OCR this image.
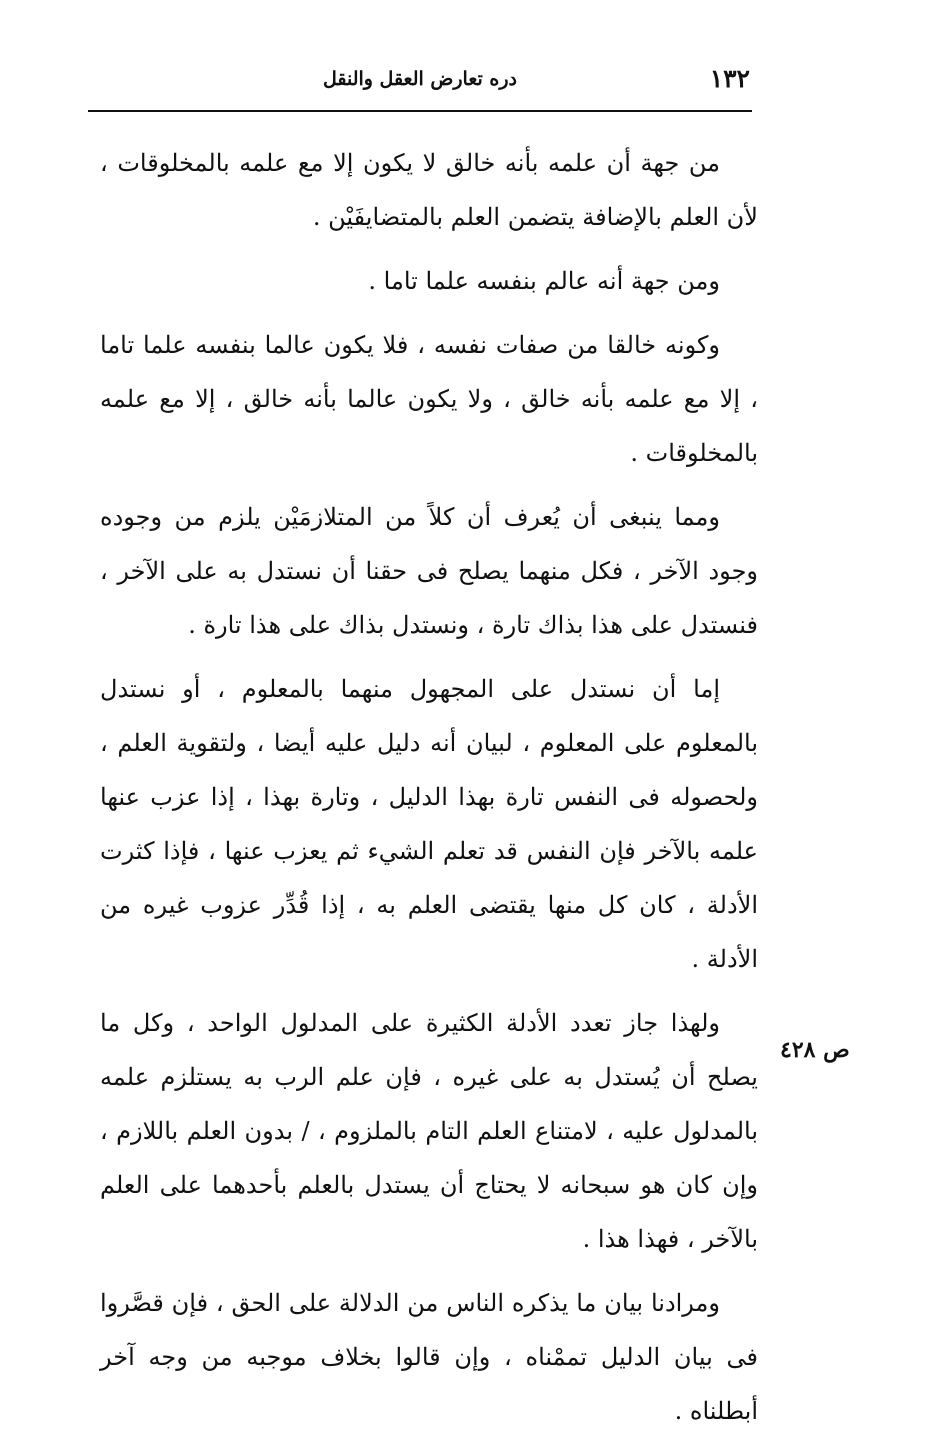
١٣٢
دره تعارض العقل والنقل

من جهة أن علمه بأنه خالق لا يكون إلا مع علمه بالمخلوقات ، لأن العلم بالإضافة يتضمن العلم بالمتضايفَيْن .

ومن جهة أنه عالم بنفسه علما تاما .

وكونه خالقا من صفات نفسه ، فلا يكون عالما بنفسه علما تاما ، إلا مع علمه بأنه خالق ، ولا يكون عالما بأنه خالق ، إلا مع علمه بالمخلوقات .

ومما ينبغى أن يُعرف أن كلاً من المتلازمَيْن يلزم من وجوده وجود الآخر ، فكل منهما يصلح فى حقنا أن نستدل به على الآخر ، فنستدل على هذا بذاك تارة ، ونستدل بذاك على هذا تارة .

إما أن نستدل على المجهول منهما بالمعلوم ، أو نستدل بالمعلوم على المعلوم ، لبيان أنه دليل عليه أيضا ، ولتقوية العلم ، ولحصوله فى النفس تارة بهذا الدليل ، وتارة بهذا ، إذا عزب عنها علمه بالآخر فإن النفس قد تعلم الشيء ثم يعزب عنها ، فإذا كثرت الأدلة ، كان كل منها يقتضى العلم به ، إذا قُدِّر عزوب غيره من الأدلة .

ولهذا جاز تعدد الأدلة الكثيرة على المدلول الواحد ، وكل ما يصلح أن يُستدل به على غيره ، فإن علم الرب به يستلزم علمه بالمدلول عليه ، لامتناع العلم التام بالملزوم ، / بدون العلم باللازم ، وإن كان هو سبحانه لا يحتاج أن يستدل بالعلم بأحدهما على العلم بالآخر ، فهذا هذا .

ومرادنا بيان ما يذكره الناس من الدلالة على الحق ، فإن قصَّروا فى بيان الدليل تممْناه ، وإن قالوا بخلاف موجبه من وجه آخر أبطلناه .

ص ٤٢٨
